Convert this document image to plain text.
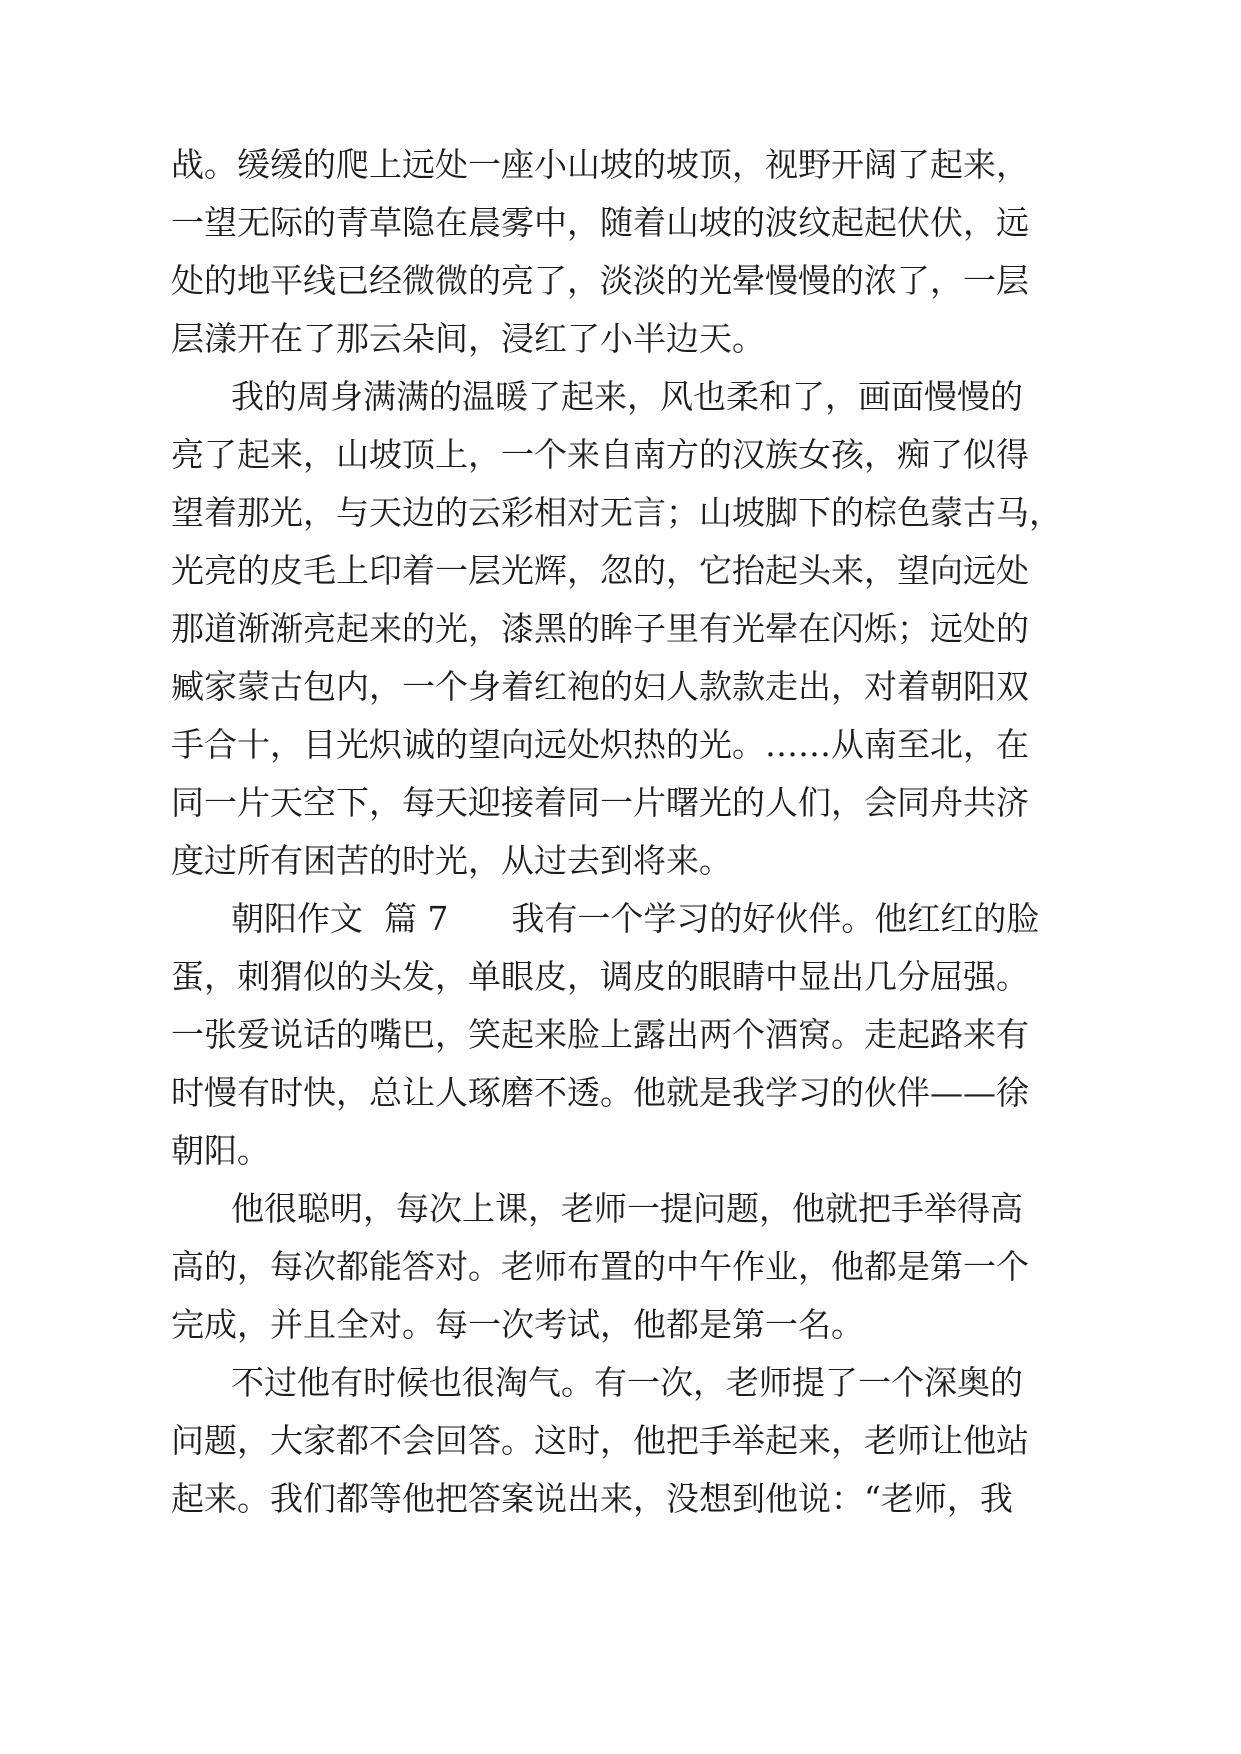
战。缓缓的爬上远处一座小山坡的坡顶，视野开阔了起来，
一望无际的青草隐在晨雾中，随着山坡的波纹起起伏伏，远
处的地平线已经微微的亮了，淡淡的光晕慢慢的浓了，一层
层漾开在了那云朵间，浸红了小半边天。
我的周身满满的温暖了起来，风也柔和了，画面慢慢的
亮了起来，山坡顶上，一个来自南方的汉族女孩，痴了似得
望着那光，与天边的云彩相对无言；山坡脚下的棕色蒙古马，
光亮的皮毛上印着一层光辉，忽的，它抬起头来，望向远处
那道渐渐亮起来的光，漆黑的眸子里有光晕在闪烁；远处的
臧家蒙古包内，一个身着红袍的妇人款款走出，对着朝阳双
手合十，目光炽诚的望向远处炽热的光。……从南至北，在
同一片天空下，每天迎接着同一片曙光的人们，会同舟共济
度过所有困苦的时光，从过去到将来。
朝阳作文  篇 7      我有一个学习的好伙伴。他红红的脸
蛋，刺猬似的头发，单眼皮，调皮的眼睛中显出几分屈强。
一张爱说话的嘴巴，笑起来脸上露出两个酒窝。走起路来有
时慢有时快，总让人琢磨不透。他就是我学习的伙伴——徐
朝阳。
他很聪明，每次上课，老师一提问题，他就把手举得高
高的，每次都能答对。老师布置的中午作业，他都是第一个
完成，并且全对。每一次考试，他都是第一名。
不过他有时候也很淘气。有一次，老师提了一个深奥的
问题，大家都不会回答。这时，他把手举起来，老师让他站
起来。我们都等他把答案说出来，没想到他说：“老师，我
